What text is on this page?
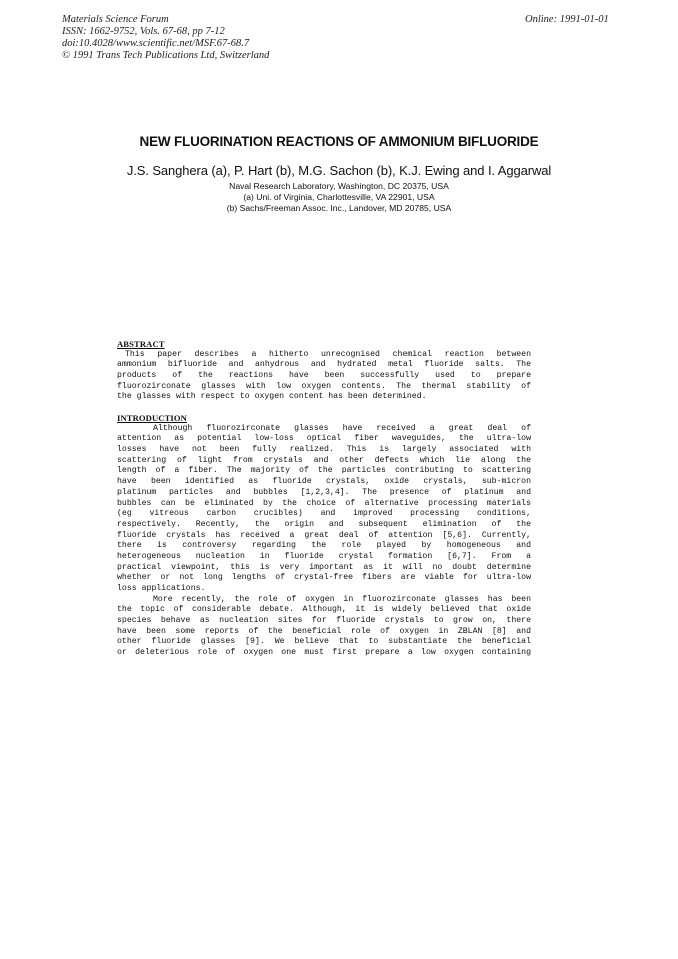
Materials Science Forum
ISSN: 1662-9752, Vols. 67-68, pp 7-12
doi:10.4028/www.scientific.net/MSF.67-68.7
© 1991 Trans Tech Publications Ltd, Switzerland
Online: 1991-01-01
NEW FLUORINATION REACTIONS OF AMMONIUM BIFLUORIDE
J.S. Sanghera (a), P. Hart (b), M.G. Sachon (b), K.J. Ewing and I. Aggarwal
Naval Research Laboratory, Washington, DC 20375, USA
(a) Uni. of Virginia, Charlottesville, VA 22901, USA
(b) Sachs/Freeman Assoc. Inc., Landover, MD 20785, USA
ABSTRACT
This paper describes a hitherto unrecognised chemical reaction between
ammonium bifluoride and anhydrous and hydrated metal fluoride salts. The
products of the reactions have been successfully used to prepare
fluorozirconate glasses with low oxygen contents. The thermal stability of
the glasses with respect to oxygen content has been determined.
INTRODUCTION
Although fluorozirconate glasses have received a great deal of
attention as potential low-loss optical fiber waveguides, the ultra-low
losses have not been fully realized. This is largely associated with
scattering of light from crystals and other defects which lie along the
length of a fiber. The majority of the particles contributing to scattering
have been identified as fluoride crystals, oxide crystals, sub-micron
platinum particles and bubbles [1,2,3,4]. The presence of platinum and
bubbles can be eliminated by the choice of alternative processing materials
(eg vitreous carbon crucibles) and improved processing conditions,
respectively. Recently, the origin and subsequent elimination of the
fluoride crystals has received a great deal of attention [5,6]. Currently,
there is controversy regarding the role played by homogeneous and
heterogeneous nucleation in fluoride crystal formation [6,7]. From a
practical viewpoint, this is very important as it will no doubt determine
whether or not long lengths of crystal-free fibers are viable for ultra-low
loss applications.
More recently, the role of oxygen in fluorozirconate glasses has been
the topic of considerable debate. Although, it is widely believed that oxide
species behave as nucleation sites for fluoride crystals to grow on, there
have been some reports of the beneficial role of oxygen in ZBLAN [8] and
other fluoride glasses [9]. We believe that to substantiate the beneficial
or deleterious role of oxygen one must first prepare a low oxygen containing
